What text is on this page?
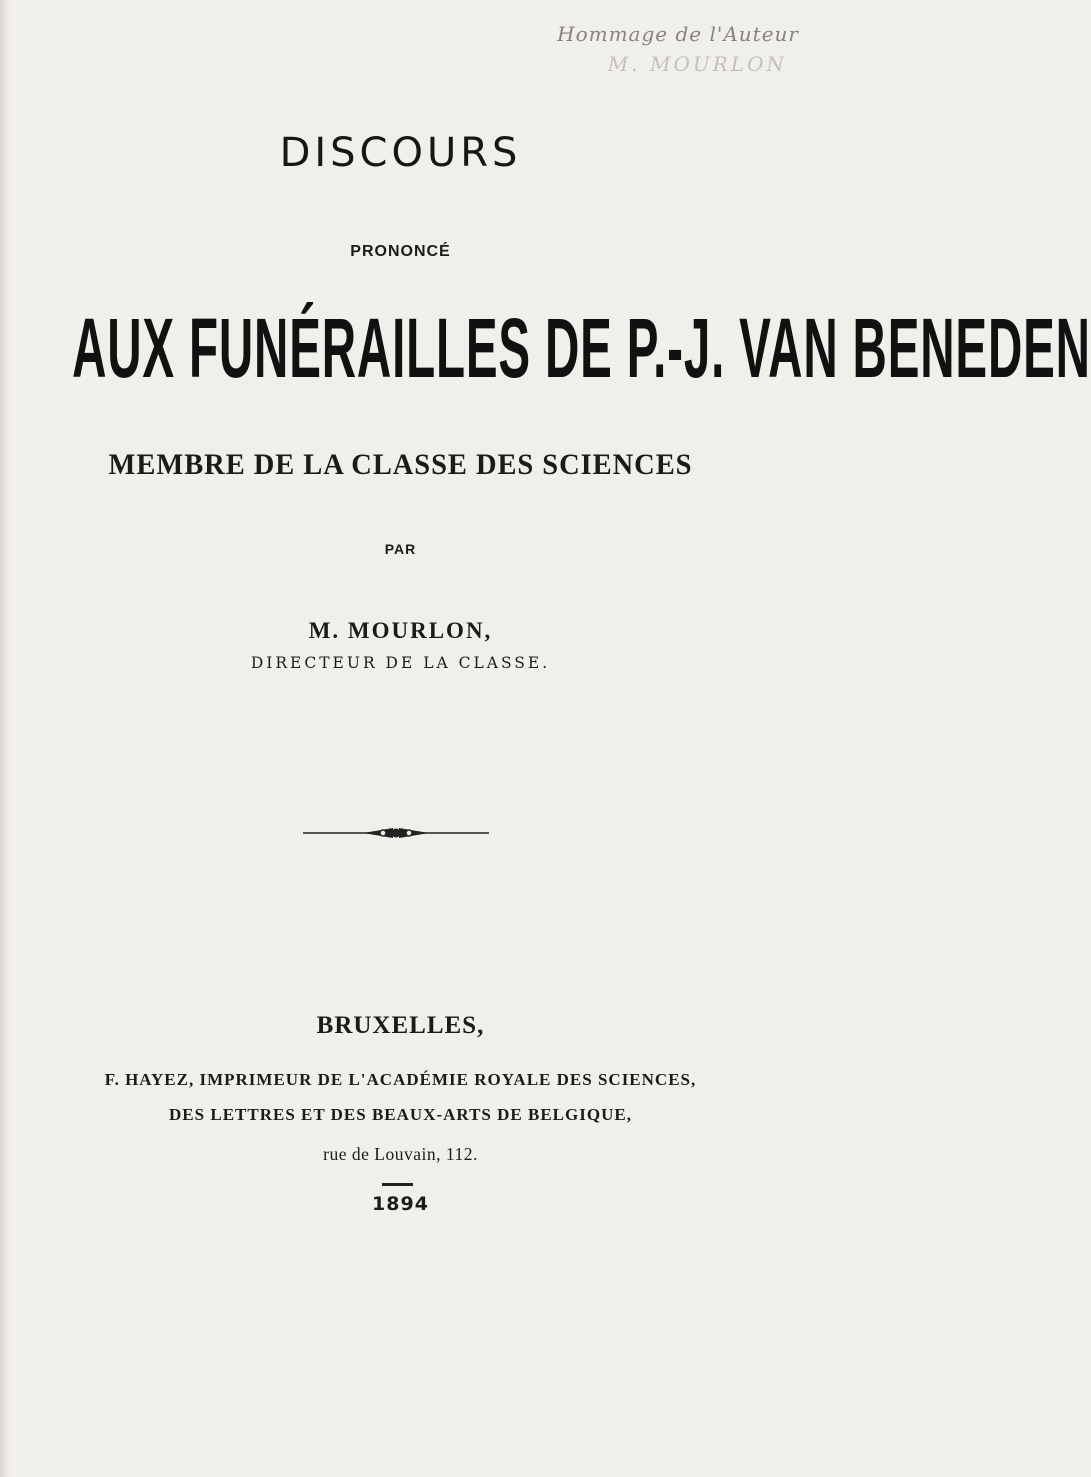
Hommage de l'Auteur
M. MOURLON
DISCOURS
PRONONCÉ
AUX FUNÉRAILLES DE P.-J. VAN BENEDEN
MEMBRE DE LA CLASSE DES SCIENCES
PAR
M. MOURLON,
DIRECTEUR DE LA CLASSE.
BRUXELLES,
F. HAYEZ, IMPRIMEUR DE L'ACADÉMIE ROYALE DES SCIENCES,
DES LETTRES ET DES BEAUX-ARTS DE BELGIQUE,
rue de Louvain, 112.
1894
